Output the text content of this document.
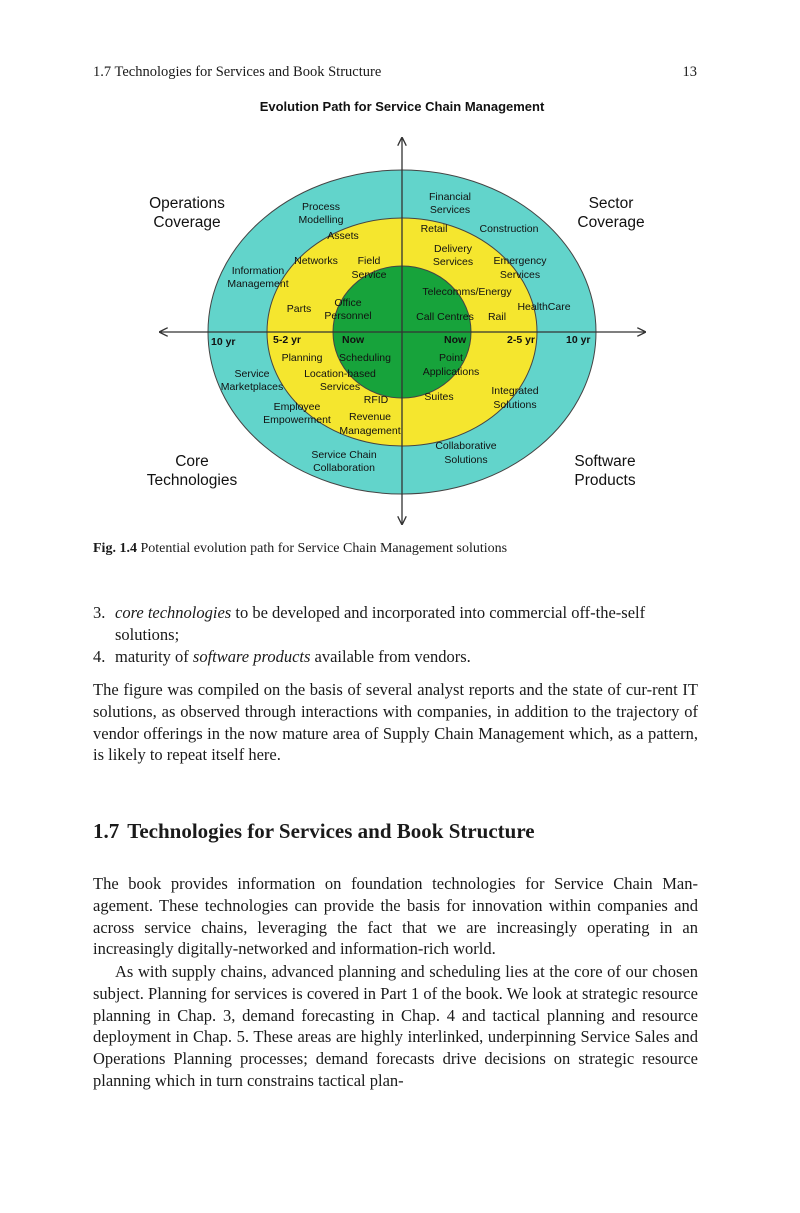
1.7 Technologies for Services and Book Structure	13
Evolution Path for Service Chain Management
Operations
Coverage
Sector
Coverage
Core
Technologies
Software
Products
10 yr	5-2 yr	Now	Now	2-5 yr	10 yr
Process
Modelling
Assets
Information
Management
Networks Field
Service
Parts Office
Personnel
Financial
Services
Retail	Construction
Delivery
Services Emergency
Services
Telecomms/Energy
HealthCare
Call Centres Rail
Planning Scheduling
Service
Marketplaces
Location-based
Services
RFID
Employee
Empowerment Revenue
Management
Service Chain
Collaboration
Point
Applications
Suites	Integrated
Solutions
Collaborative
Solutions
Fig. 1.4 Potential evolution path for Service Chain Management solutions
3. core technologies to be developed and incorporated into commercial off-the-self solutions;
4. maturity of software products available from vendors.

The figure was compiled on the basis of several analyst reports and the state of cur-rent IT solutions, as observed through interactions with companies, in addition to the trajectory of vendor offerings in the now mature area of Supply Chain Management which, as a pattern, is likely to repeat itself here.

1.7 Technologies for Services and Book Structure

The book provides information on foundation technologies for Service Chain Man-agement. These technologies can provide the basis for innovation within companies and across service chains, leveraging the fact that we are increasingly operating in an increasingly digitally-networked and information-rich world.

As with supply chains, advanced planning and scheduling lies at the core of our chosen subject. Planning for services is covered in Part 1 of the book. We look at strategic resource planning in Chap. 3, demand forecasting in Chap. 4 and tactical planning and resource deployment in Chap. 5. These areas are highly interlinked, underpinning Service Sales and Operations Planning processes; demand forecasts drive decisions on strategic resource planning which in turn constrains tactical plan-
